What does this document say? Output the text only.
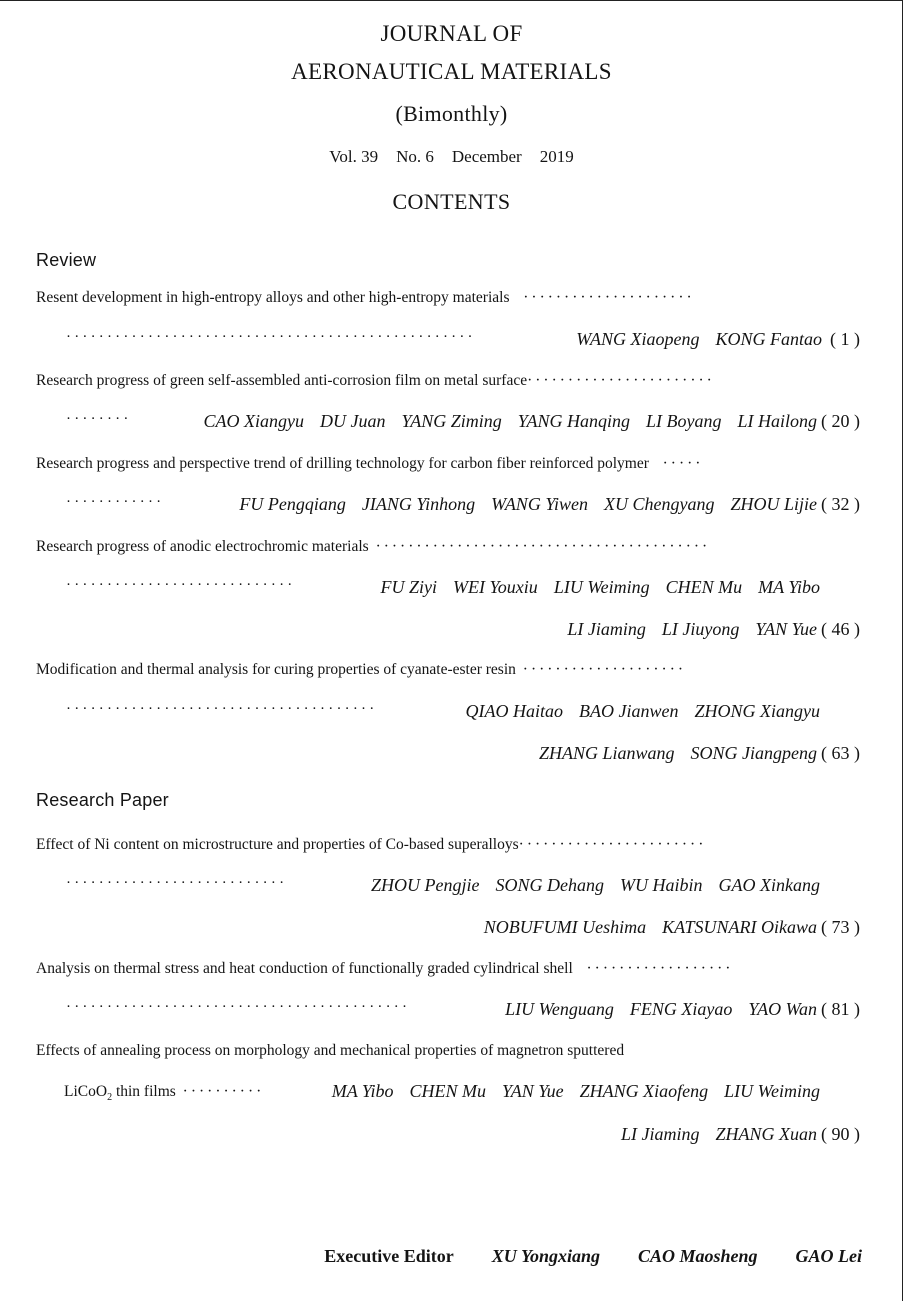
JOURNAL OF
AERONAUTICAL MATERIALS
(Bimonthly)
Vol. 39 No. 6 December 2019
CONTENTS
Review
Resent development in high-entropy alloys and other high-entropy materials  ·····················
··················································	WANG Xiaopeng KONG Fantao ( 1 )
Research progress of green self-assembled anti-corrosion film on metal surface·······················
········	CAO Xiangyu DU Juan YANG Ziming YANG Hanqing LI Boyang LI Hailong ( 20 )
Research progress and perspective trend of drilling technology for carbon fiber reinforced polymer  ·····
············	FU Pengqiang JIANG Yinhong WANG Yiwen XU Chengyang ZHOU Lijie ( 32 )
Research progress of anodic electrochromic materials ·········································
····························	FU Ziyi WEI Youxiu LIU Weiming CHEN Mu MA Yibo
LI Jiaming LI Jiuyong YAN Yue ( 46 )
Modification and thermal analysis for curing properties of cyanate-ester resin ····················
······································	QIAO Haitao BAO Jianwen ZHONG Xiangyu
ZHANG Lianwang SONG Jiangpeng ( 63 )
Research Paper
Effect of Ni content on microstructure and properties of Co-based superalloys·······················
···························	ZHOU Pengjie SONG Dehang WU Haibin GAO Xinkang
NOBUFUMI Ueshima KATSUNARI Oikawa ( 73 )
Analysis on thermal stress and heat conduction of functionally graded cylindrical shell  ··················
··········································	LIU Wenguang FENG Xiayao YAO Wan ( 81 )
Effects of annealing process on morphology and mechanical properties of magnetron sputtered
LiCoO$_2$ thin films ··········	MA Yibo CHEN Mu YAN Yue ZHANG Xiaofeng LIU Weiming
LI Jiaming ZHANG Xuan ( 90 )
Executive Editor XU Yongxiang CAO Maosheng GAO Lei
